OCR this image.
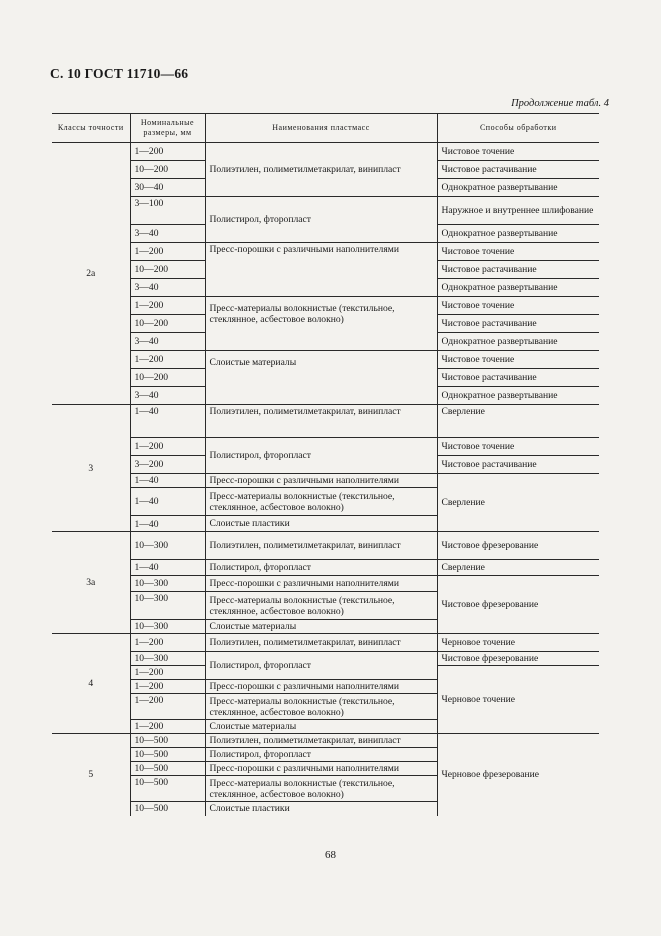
С. 10 ГОСТ 11710—66
Продолжение табл. 4
Классы точности	Номинальные размеры, мм	Наименования пластмасс	Способы обработки
2а	1—200	Полиэтилен, полиметилметакрилат, винипласт	Чистовое точение
	10—200		Чистовое растачивание
	30—40		Однократное развертывание
	3—100	Полистирол, фторопласт	Наружное и внутреннее шлифование
	3—40		Однократное развертывание
	1—200	Пресс-порошки с различными наполнителями	Чистовое точение
	10—200		Чистовое растачивание
	3—40		Однократное развертывание
	1—200	Пресс-материалы волокнистые (текстильное, стеклянное, асбестовое волокно)	Чистовое точение
	10—200		Чистовое растачивание
	3—40		Однократное развертывание
	1—200	Слоистые материалы	Чистовое точение
	10—200		Чистовое растачивание
	3—40		Однократное развертывание
3	1—40	Полиэтилен, полиметилметакрилат, винипласт	Сверление
	1—200	Полистирол, фторопласт	Чистовое точение
	3—200		Чистовое растачивание
	1—40	Пресс-порошки с различными наполнителями	Сверление
	1—40	Пресс-материалы волокнистые (текстильное, стеклянное, асбестовое волокно)	
	1—40	Слоистые пластики	
3а	10—300	Полиэтилен, полиметилметакрилат, винипласт	Чистовое фрезерование
	1—40	Полистирол, фторопласт	Сверление
	10—300	Пресс-порошки с различными наполнителями	Чистовое фрезерование
	10—300	Пресс-материалы волокнистые (текстильное, стеклянное, асбестовое волокно)	
	10—300	Слоистые материалы	
4	1—200	Полиэтилен, полиметилметакрилат, винипласт	Черновое точение
	10—300	Полистирол, фторопласт	Чистовое фрезерование
	1—200		Черновое точение
	1—200	Пресс-порошки с различными наполнителями	
	1—200	Пресс-материалы волокнистые (текстильное, стеклянное, асбестовое волокно)	
	1—200	Слоистые материалы	
5	10—500	Полиэтилен, полиметилметакрилат, винипласт	Черновое фрезерование
	10—500	Полистирол, фторопласт	
	10—500	Пресс-порошки с различными наполнителями	
	10—500	Пресс-материалы волокнистые (текстильное, стеклянное, асбестовое волокно)	
	10—500	Слоистые пластики	
68
